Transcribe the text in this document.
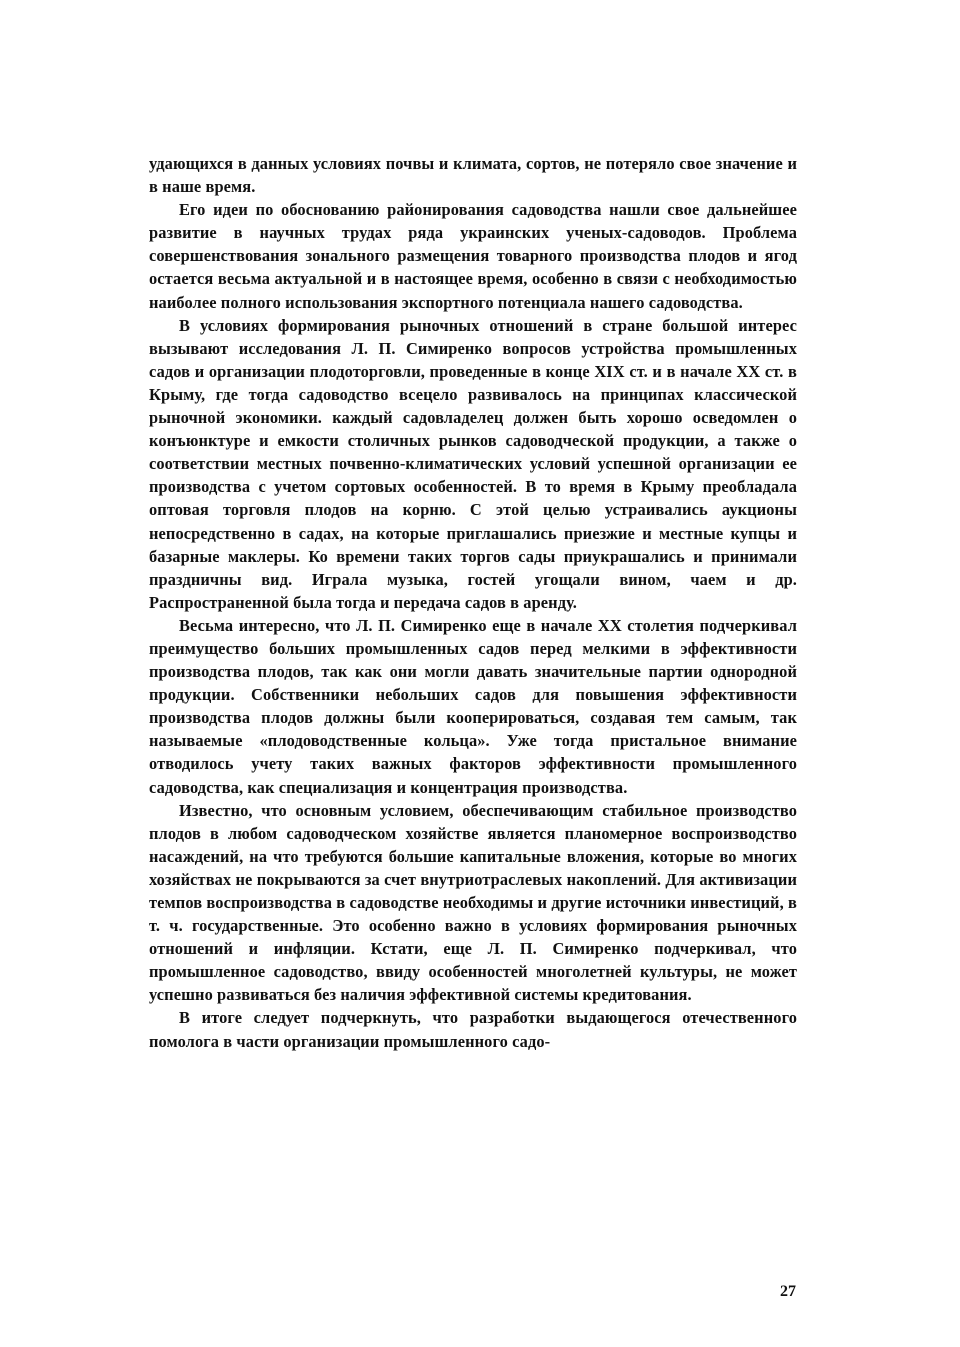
удающихся в данных условиях почвы и климата, сортов, не потеряло свое значение и в наше время.

Его идеи по обоснованию районирования садоводства нашли свое дальнейшее развитие в научных трудах ряда украинских ученых-садоводов. Проблема совершенствования зонального размещения товарного производства плодов и ягод остается весьма актуальной и в настоящее время, особенно в связи с необходимостью наиболее полного использования экспортного потенциала нашего садоводства.

В условиях формирования рыночных отношений в стране большой интерес вызывают исследования Л. П. Симиренко вопросов устройства промышленных садов и организации плодоторговли, проведенные в конце XIX ст. и в начале XX ст. в Крыму, где тогда садоводство всецело развивалось на принципах классической рыночной экономики. каждый садовладелец должен быть хорошо осведомлен о конъюнктуре и емкости столичных рынков садоводческой продукции, а также о соответствии местных почвенно-климатических условий успешной организации ее производства с учетом сортовых особенностей. В то время в Крыму преобладала оптовая торговля плодов на корню. С этой целью устраивались аукционы непосредственно в садах, на которые приглашались приезжие и местные купцы и базарные маклеры. Ко времени таких торгов сады приукрашались и принимали праздничны вид. Играла музыка, гостей угощали вином, чаем и др. Распространенной была тогда и передача садов в аренду.

Весьма интересно, что Л. П. Симиренко еще в начале XX столетия подчеркивал преимущество больших промышленных садов перед мелкими в эффективности производства плодов, так как они могли давать значительные партии однородной продукции. Собственники небольших садов для повышения эффективности производства плодов должны были кооперироваться, создавая тем самым, так называемые «плодоводственные кольца». Уже тогда пристальное внимание отводилось учету таких важных факторов эффективности промышленного садоводства, как специализация и концентрация производства.

Известно, что основным условием, обеспечивающим стабильное производство плодов в любом садоводческом хозяйстве является планомерное воспроизводство насаждений, на что требуются большие капитальные вложения, которые во многих хозяйствах не покрываются за счет внутриотраслевых накоплений. Для активизации темпов воспроизводства в садоводстве необходимы и другие источники инвестиций, в т. ч. государственные. Это особенно важно в условиях формирования рыночных отношений и инфляции. Кстати, еще Л. П. Симиренко подчеркивал, что промышленное садоводство, ввиду особенностей многолетней культуры, не может успешно развиваться без наличия эффективной системы кредитования.

В итоге следует подчеркнуть, что разработки выдающегося отечественного помолога в части организации промышленного садо-

27
